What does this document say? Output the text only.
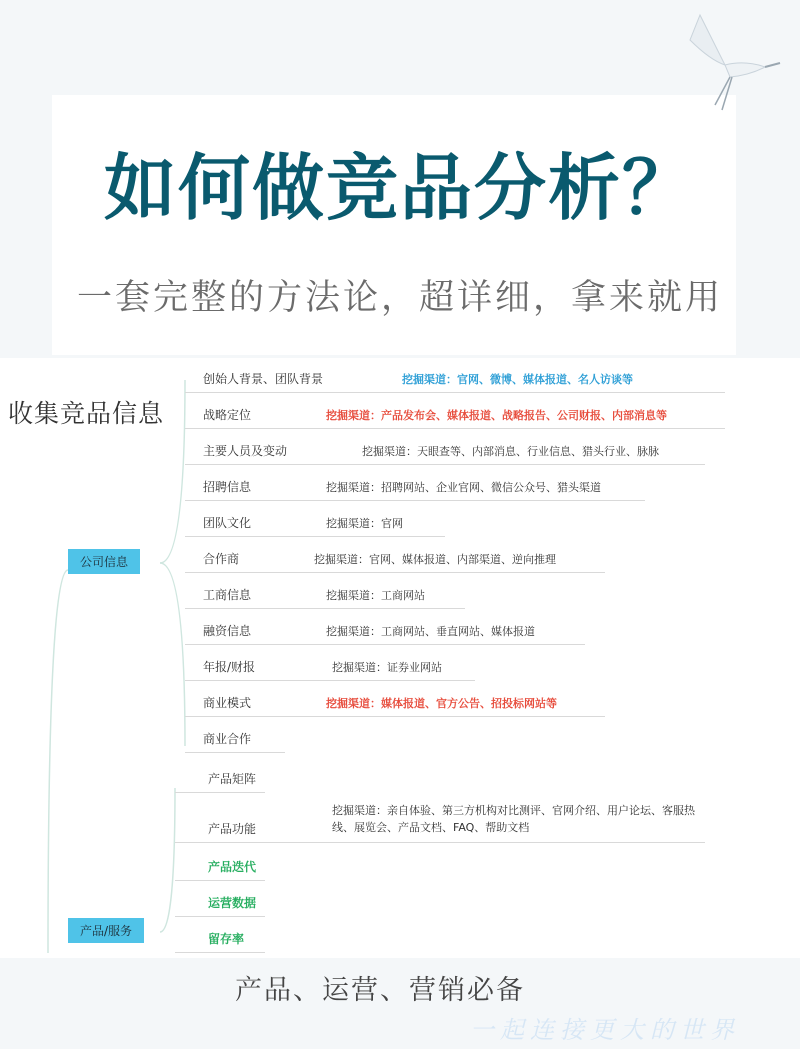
如何做竞品分析？

一套完整的方法论，超详细，拿来就用

收集竞品信息
公司信息
创始人背景、团队背景	挖掘渠道：官网、微博、媒体报道、名人访谈等
战略定位	挖掘渠道：产品发布会、媒体报道、战略报告、公司财报、内部消息等
主要人员及变动	挖掘渠道：天眼查等、内部消息、行业信息、猎头行业、脉脉
招聘信息	挖掘渠道：招聘网站、企业官网、微信公众号、猎头渠道
团队文化	挖掘渠道：官网
合作商	挖掘渠道：官网、媒体报道、内部渠道、逆向推理
工商信息	挖掘渠道：工商网站
融资信息	挖掘渠道：工商网站、垂直网站、媒体报道
年报/财报	挖掘渠道：证券业网站
商业模式	挖掘渠道：媒体报道、官方公告、招投标网站等
商业合作
产品/服务
产品矩阵
产品功能
挖掘渠道：亲自体验、第三方机构对比测评、官网介绍、用户论坛、客服热线、展览会、产品文档、FAQ、帮助文档
产品迭代
运营数据
留存率
产品、运营、营销必备
一起连接更大的世界
